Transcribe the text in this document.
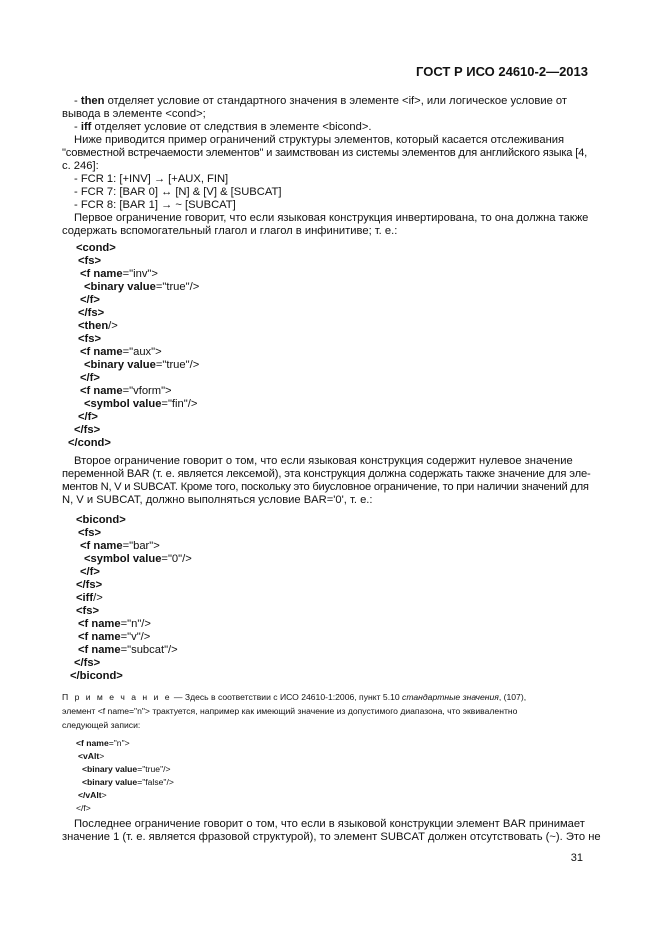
ГОСТ Р ИСО 24610-2—2013
- then отделяет условие от стандартного значения в элементе <if>, или логическое условие от
вывода в элементе <cond>;
- iff отделяет условие от следствия в элементе <bicond>.
Ниже приводится пример ограничений структуры элементов, который касается отслеживания
"совместной встречаемости элементов" и заимствован из системы элементов для английского языка [4,
с. 246]:
- FCR 1: [+INV] → [+AUX, FIN]
- FCR 7: [BAR 0] ↔ [N] & [V] & [SUBCAT]
- FCR 8: [BAR 1] → ~ [SUBCAT]
Первое ограничение говорит, что если языковая конструкция инвертирована, то она должна также
содержать вспомогательный глагол и глагол в инфинитиве; т. е.:
<cond>
<fs>
<f name="inv">
<binary value="true"/>
</f>
</fs>
<then/>
<fs>
<f name="aux">
<binary value="true"/>
</f>
<f name="vform">
<symbol value="fin"/>
</f>
</fs>
</cond>
Второе ограничение говорит о том, что если языковая конструкция содержит нулевое значение
переменной BAR (т. е. является лексемой), эта конструкция должна содержать также значение для эле-
ментов N, V и SUBCAT. Кроме того, поскольку это биусловное ограничение, то при наличии значений для
N, V и SUBCAT, должно выполняться условие BAR='0', т. е.:
<bicond>
<fs>
<f name="bar">
<symbol value="0"/>
</f>
</fs>
<iff/>
<fs>
<f name="n"/>
<f name="v"/>
<f name="subcat"/>
</fs>
</bicond>
П р и м е ч а н и е — Здесь в соответствии с ИСО 24610-1:2006, пункт 5.10 стандартные значения, (107),
элемент <f name="n"> трактуется, например как имеющий значение из допустимого диапазона, что эквивалентно
следующей записи:
<f name="n">
<vAlt>
<binary value="true"/>
<binary value="false"/>
</vAlt>
</f>
Последнее ограничение говорит о том, что если в языковой конструкции элемент BAR принимает
значение 1 (т. е. является фразовой структурой), то элемент SUBCAT должен отсутствовать (~). Это не
31
